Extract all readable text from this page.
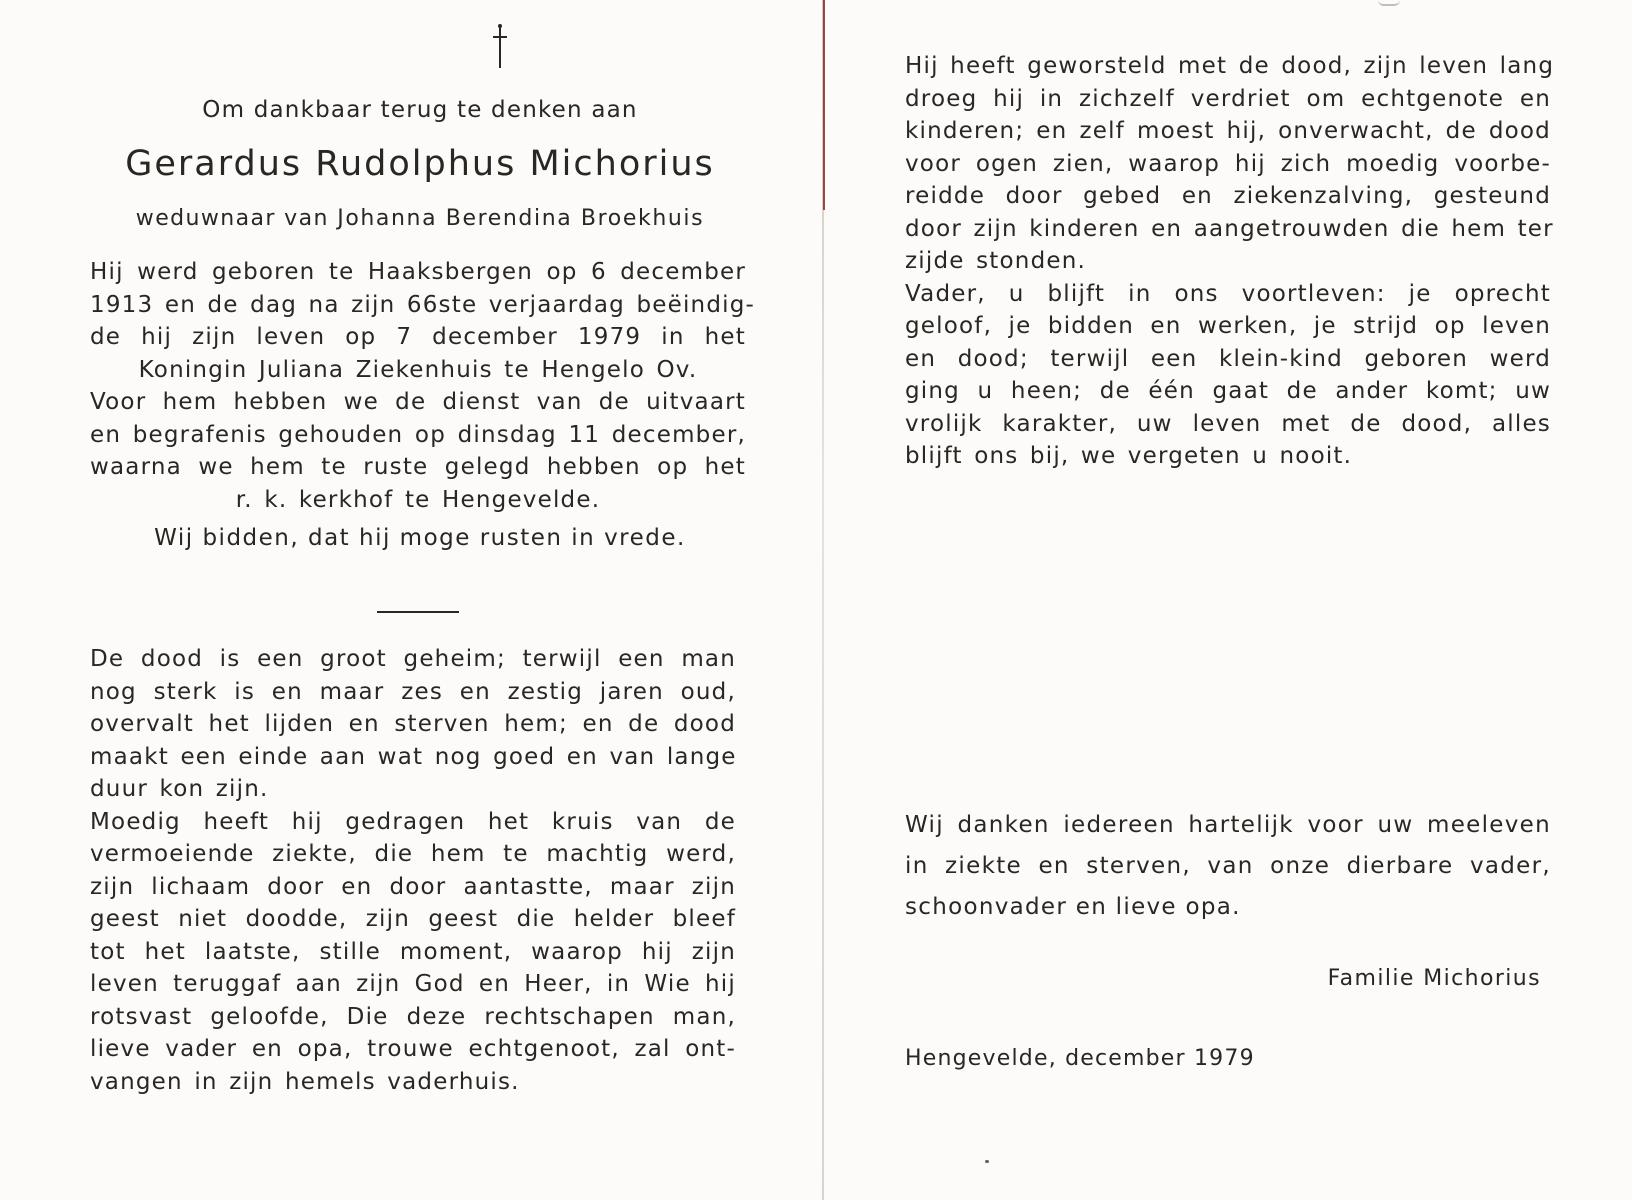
Om dankbaar terug te denken aan
Gerardus Rudolphus Michorius
weduwnaar van Johanna Berendina Broekhuis
Hij werd geboren te Haaksbergen op 6 december
1913 en de dag na zijn 66ste verjaardag beëindig-
de hij zijn leven op 7 december 1979 in het
Koningin Juliana Ziekenhuis te Hengelo Ov.
Voor hem hebben we de dienst van de uitvaart
en begrafenis gehouden op dinsdag 11 december,
waarna we hem te ruste gelegd hebben op het
r. k. kerkhof te Hengevelde.
Wij bidden, dat hij moge rusten in vrede.
De dood is een groot geheim; terwijl een man
nog sterk is en maar zes en zestig jaren oud,
overvalt het lijden en sterven hem; en de dood
maakt een einde aan wat nog goed en van lange
duur kon zijn.
Moedig heeft hij gedragen het kruis van de
vermoeiende ziekte, die hem te machtig werd,
zijn lichaam door en door aantastte, maar zijn
geest niet doodde, zijn geest die helder bleef
tot het laatste, stille moment, waarop hij zijn
leven teruggaf aan zijn God en Heer, in Wie hij
rotsvast geloofde, Die deze rechtschapen man,
lieve vader en opa, trouwe echtgenoot, zal ont-
vangen in zijn hemels vaderhuis.
Hij heeft geworsteld met de dood, zijn leven lang
droeg hij in zichzelf verdriet om echtgenote en
kinderen; en zelf moest hij, onverwacht, de dood
voor ogen zien, waarop hij zich moedig voorbe-
reidde door gebed en ziekenzalving, gesteund
door zijn kinderen en aangetrouwden die hem ter
zijde stonden.
Vader, u blijft in ons voortleven: je oprecht
geloof, je bidden en werken, je strijd op leven
en dood; terwijl een klein-kind geboren werd
ging u heen; de één gaat de ander komt; uw
vrolijk karakter, uw leven met de dood, alles
blijft ons bij, we vergeten u nooit.
Wij danken iedereen hartelijk voor uw meeleven
in ziekte en sterven, van onze dierbare vader,
schoonvader en lieve opa.
Familie Michorius
Hengevelde, december 1979
